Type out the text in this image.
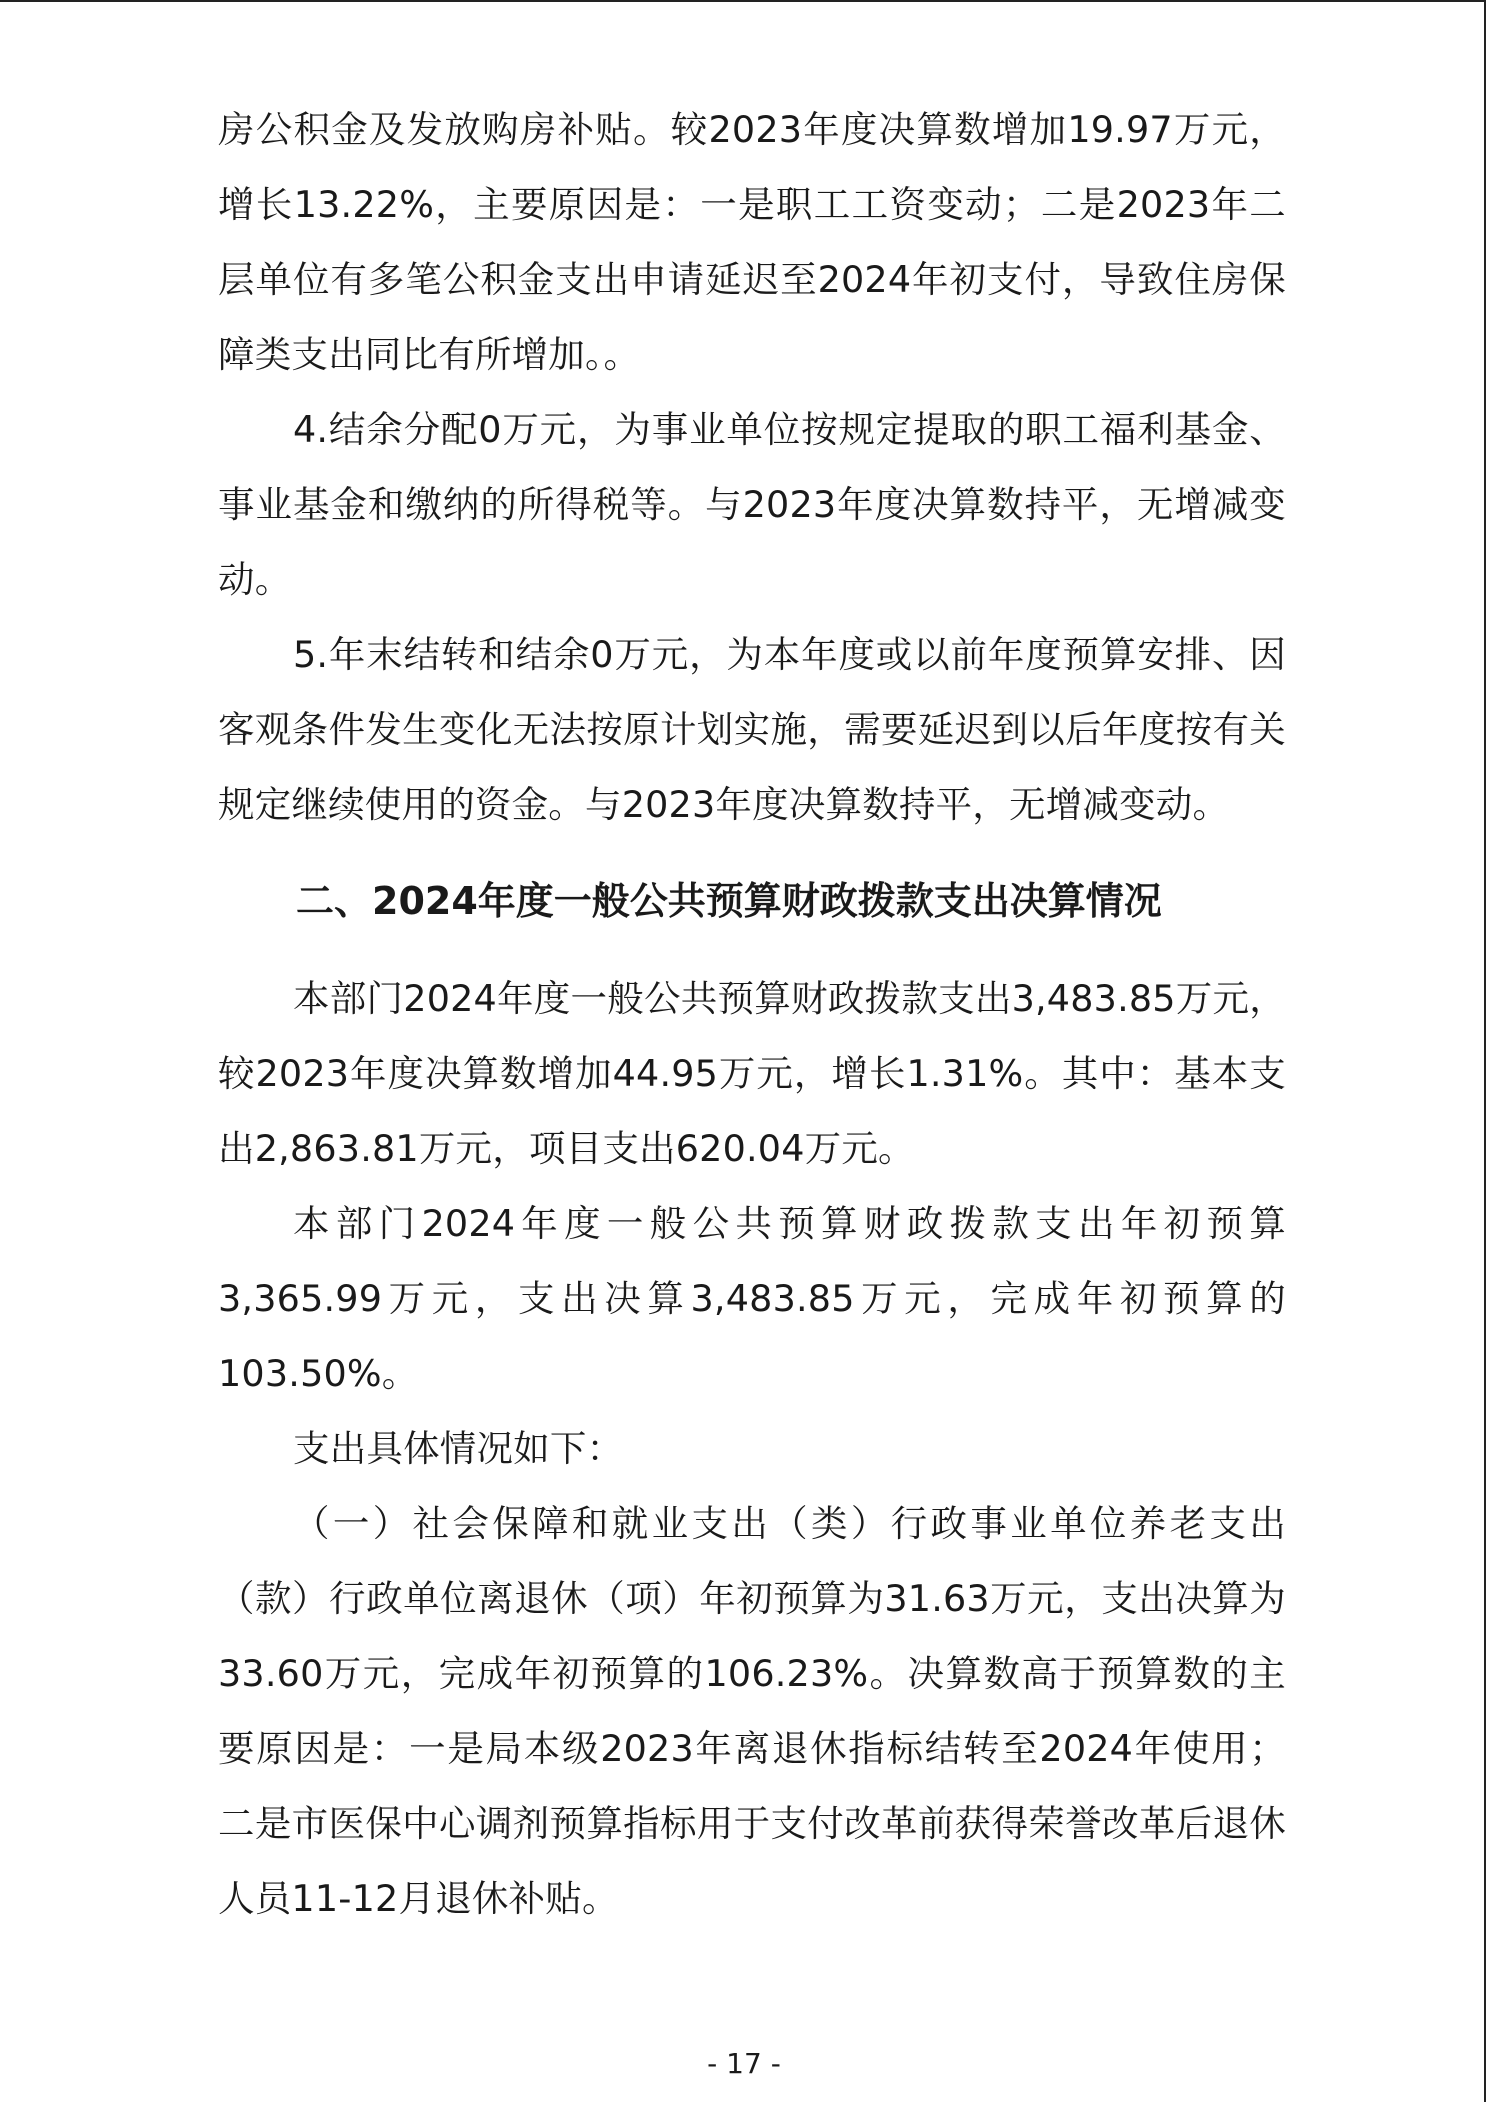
房公积金及发放购房补贴。较2023年度决算数增加19.97万元，增长13.22%，主要原因是：一是职工工资变动；二是2023年二层单位有多笔公积金支出申请延迟至2024年初支付，导致住房保障类支出同比有所增加。。

4.结余分配0万元，为事业单位按规定提取的职工福利基金、事业基金和缴纳的所得税等。与2023年度决算数持平，无增减变动。

5.年末结转和结余0万元，为本年度或以前年度预算安排、因客观条件发生变化无法按原计划实施，需要延迟到以后年度按有关规定继续使用的资金。与2023年度决算数持平，无增减变动。

二、2024年度一般公共预算财政拨款支出决算情况

本部门2024年度一般公共预算财政拨款支出3,483.85万元，较2023年度决算数增加44.95万元，增长1.31%。其中：基本支出2,863.81万元，项目支出620.04万元。

本部门2024年度一般公共预算财政拨款支出年初预算3,365.99万元，支出决算3,483.85万元，完成年初预算的103.50%。

支出具体情况如下：

（一）社会保障和就业支出（类）行政事业单位养老支出（款）行政单位离退休（项）年初预算为31.63万元，支出决算为33.60万元，完成年初预算的106.23%。决算数高于预算数的主要原因是：一是局本级2023年离退休指标结转至2024年使用；二是市医保中心调剂预算指标用于支付改革前获得荣誉改革后退休人员11-12月退休补贴。

- 17 -
